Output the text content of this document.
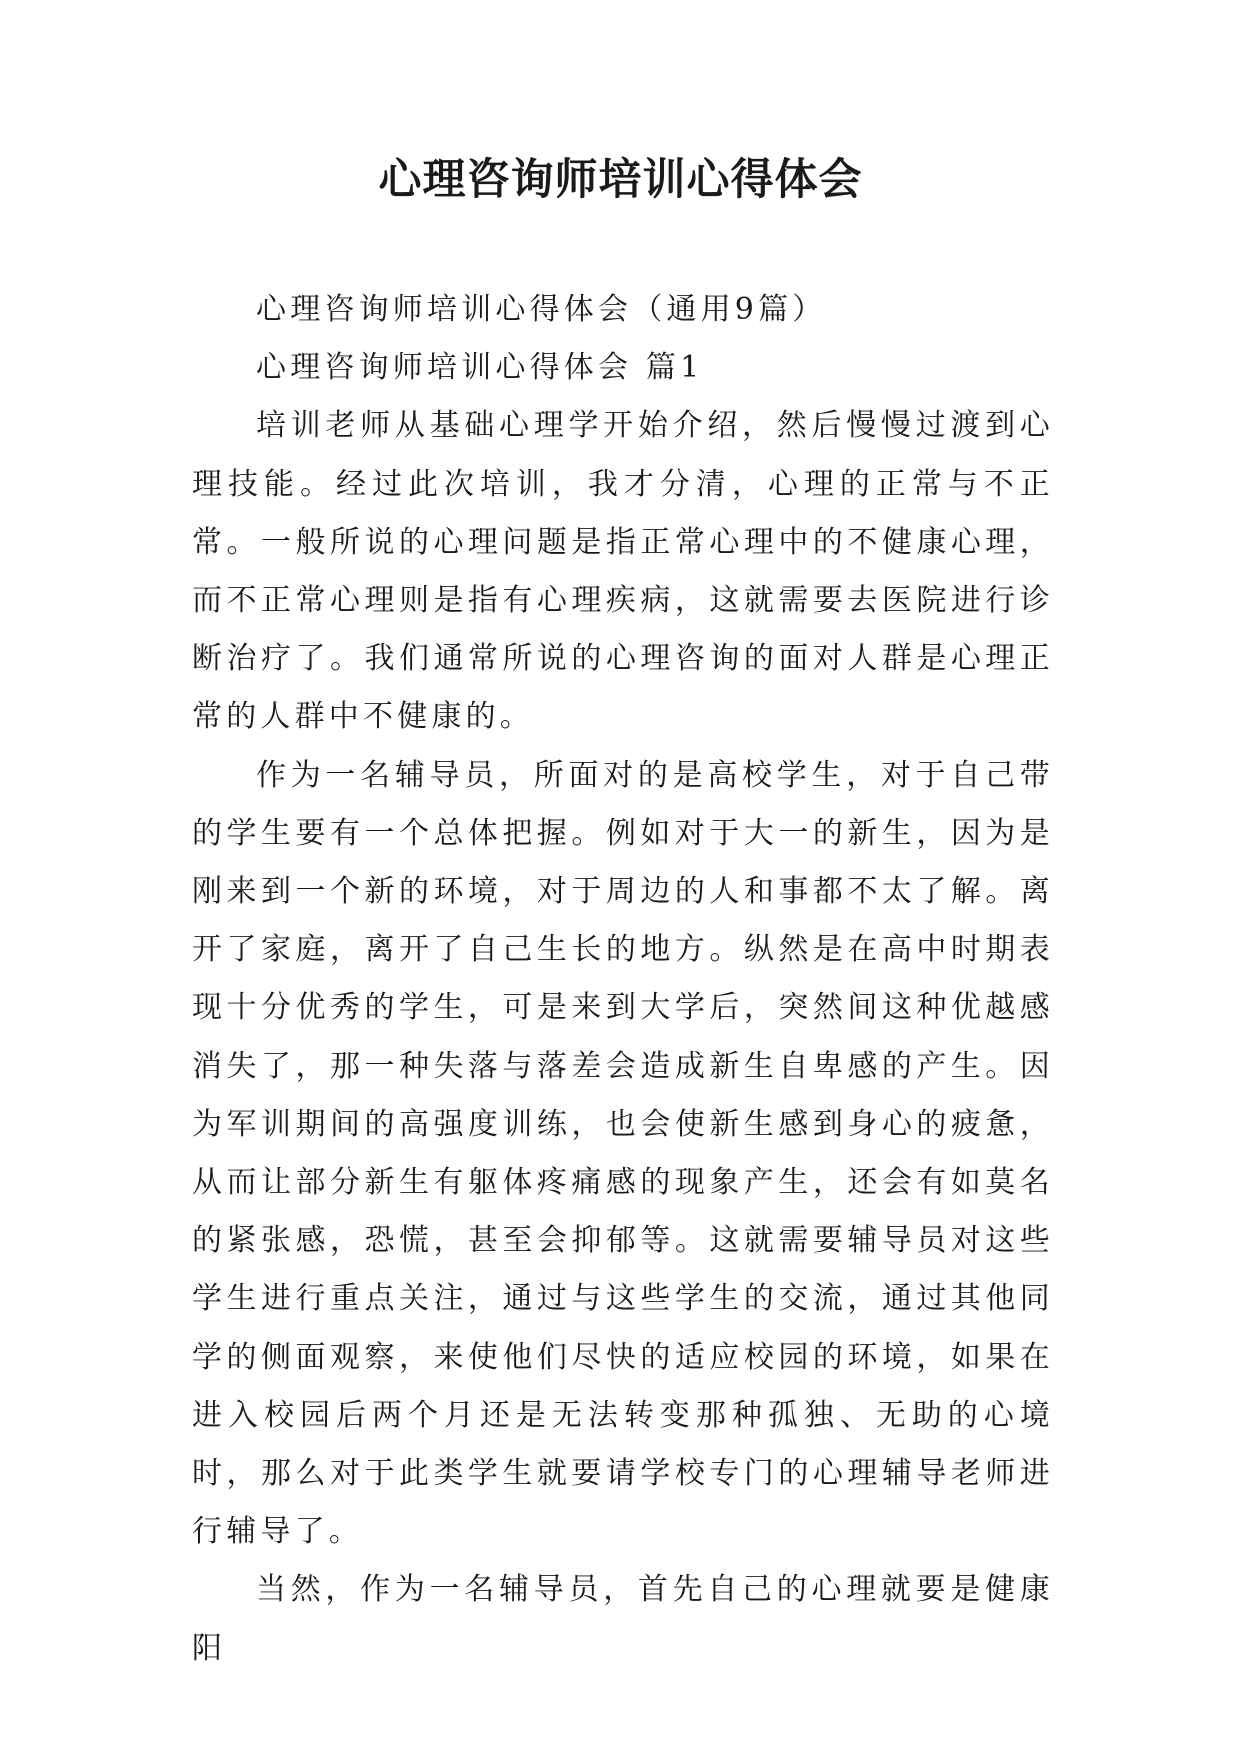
心理咨询师培训心得体会

心理咨询师培训心得体会（通用9篇）

心理咨询师培训心得体会 篇1

培训老师从基础心理学开始介绍，然后慢慢过渡到心理技能。经过此次培训，我才分清，心理的正常与不正常。一般所说的心理问题是指正常心理中的不健康心理，而不正常心理则是指有心理疾病，这就需要去医院进行诊断治疗了。我们通常所说的心理咨询的面对人群是心理正常的人群中不健康的。

作为一名辅导员，所面对的是高校学生，对于自己带的学生要有一个总体把握。例如对于大一的新生，因为是刚来到一个新的环境，对于周边的人和事都不太了解。离开了家庭，离开了自己生长的地方。纵然是在高中时期表现十分优秀的学生，可是来到大学后，突然间这种优越感消失了，那一种失落与落差会造成新生自卑感的产生。因为军训期间的高强度训练，也会使新生感到身心的疲惫，从而让部分新生有躯体疼痛感的现象产生，还会有如莫名的紧张感，恐慌，甚至会抑郁等。这就需要辅导员对这些学生进行重点关注，通过与这些学生的交流，通过其他同学的侧面观察，来使他们尽快的适应校园的环境，如果在进入校园后两个月还是无法转变那种孤独、无助的心境时，那么对于此类学生就要请学校专门的心理辅导老师进行辅导了。

当然，作为一名辅导员，首先自己的心理就要是健康阳
